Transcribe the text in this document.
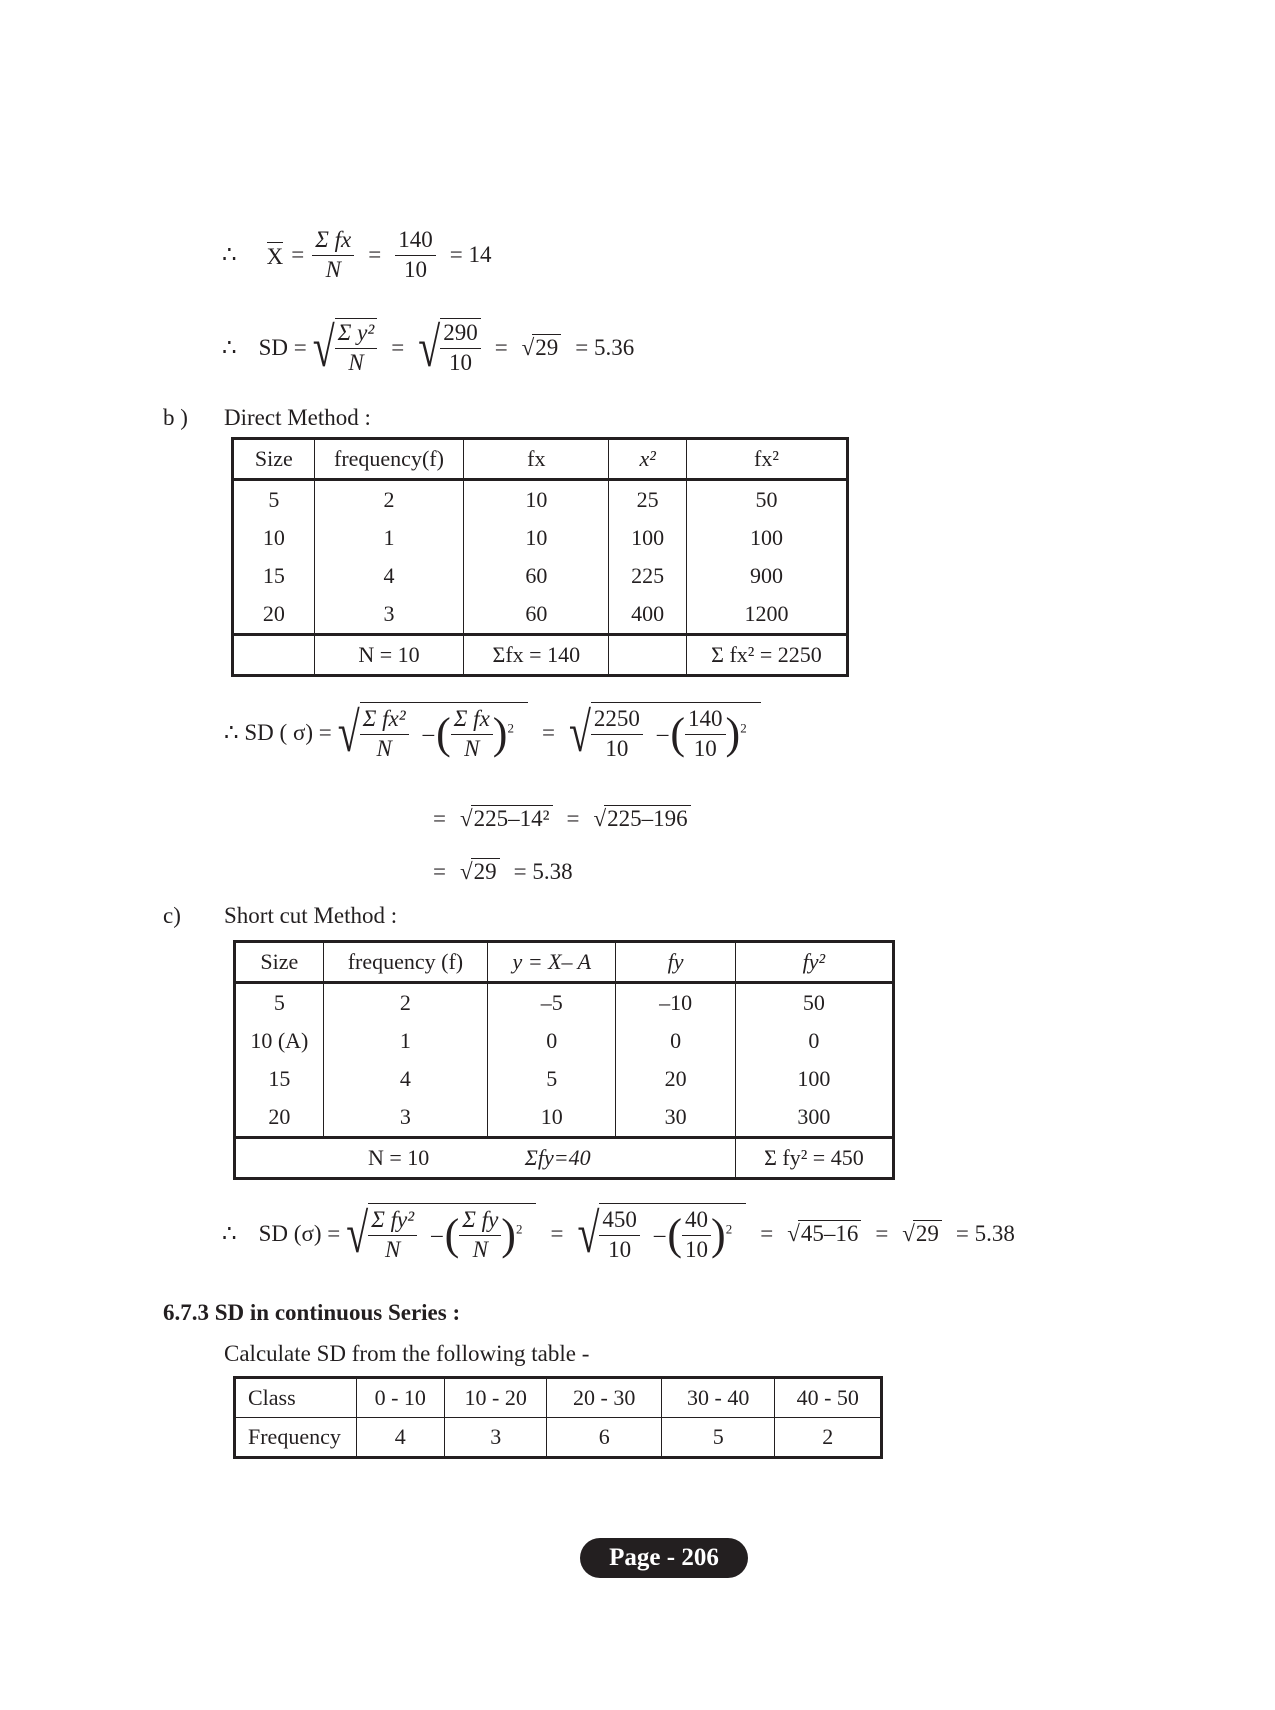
∴ $X = \frac{\text{Σ fx}}{N} = \frac{140}{10} = 14$
∴ SD = √ $\frac{\text{Σ y²}}{N}$ = √ $\frac{290}{10} = √29 = 5.36$
b ) Direct Method :
Size	frequency(f)	fx	x²	fx²
5	2	10	25	50
10	1	10	100	100
15	4	60	225	900
20	3	60	400	1200
	N = 10	Σfx = 140		Σ fx² = 2250
∴ SD ( σ) = √ $\frac{\text{Σ fx²}}{N}$ – ( $\frac{\text{Σ fx}}{N} )^2$ = √ $\frac{2250}{10}$ – ( $\frac{140}{10} )^2$
= √225–14² = √225–196
= √29 = 5.38
c) Short cut Method :
Size	frequency (f)	y = X– A	fy	fy²
5	2	–5	–10	50
10 (A)	1	0	0	0
15	4	5	20	100
20	3	10	30	300
N = 10 Σfy=40				Σ fy² = 450
∴ SD (σ) = √ $\frac{\text{Σ fy²}}{N}$ – ( $\frac{\text{Σ fy}}{N} )^2$ = √ $\frac{450}{10}$ – ( $\frac{40}{10} )^2 = √45-16 = √29 = 5.38$
6.7.3 SD in continuous Series :
Calculate SD from the following table -
Class	0 - 10	10 - 20	20 - 30	30 - 40	40 - 50
Frequency	4	3	6	5	2
Page - 206
